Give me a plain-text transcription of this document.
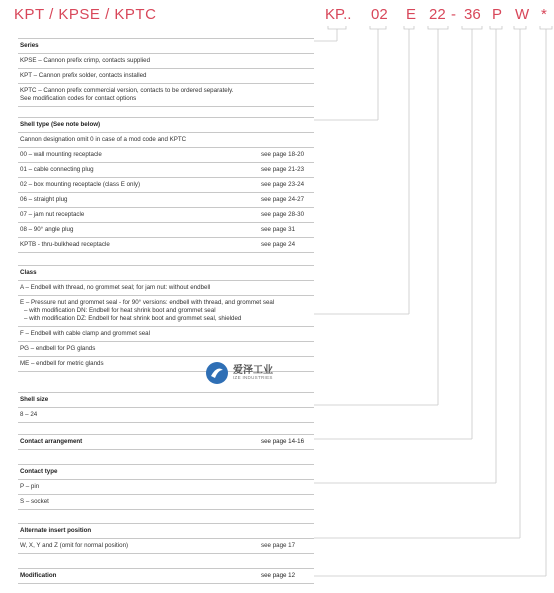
KPT / KPSE / KPTC	KP.. 02 E 22 - 36 P W *
Series
KPSE – Cannon prefix crimp, contacts supplied
KPT – Cannon prefix solder, contacts installed
KPTC – Cannon prefix commercial version, contacts to be ordered separately.
See modification codes for contact options
Shell type (See note below)
Cannon designation omit 0 in case of a mod code and KPTC
00 – wall mounting receptacle	see page 18-20
01 – cable connecting plug	see page 21-23
02 – box mounting receptacle (class E only)	see page 23-24
06 – straight plug	see page 24-27
07 – jam nut receptacle	see page 28-30
08 – 90° angle plug	see page 31
KPTB - thru-bulkhead receptacle	see page 24
Class
A – Endbell with thread, no grommet seal; for jam nut: without endbell
E – Pressure nut and grommet seal - for 90° versions: endbell with thread, and grommet seal
– with modification DN: Endbell for heat shrink boot and grommet seal
– with modification DZ: Endbell for heat shrink boot and grommet seal, shielded
F – Endbell with cable clamp and grommet seal
PG – endbell for PG glands
ME – endbell for metric glands
Shell size
8 – 24
Contact arrangement	see page 14-16
Contact type
P – pin
S – socket
Alternate insert position
W, X, Y and Z (omit for normal position)	see page 17
Modification	see page 12
爱泽工业
IZE INDUSTRIES
